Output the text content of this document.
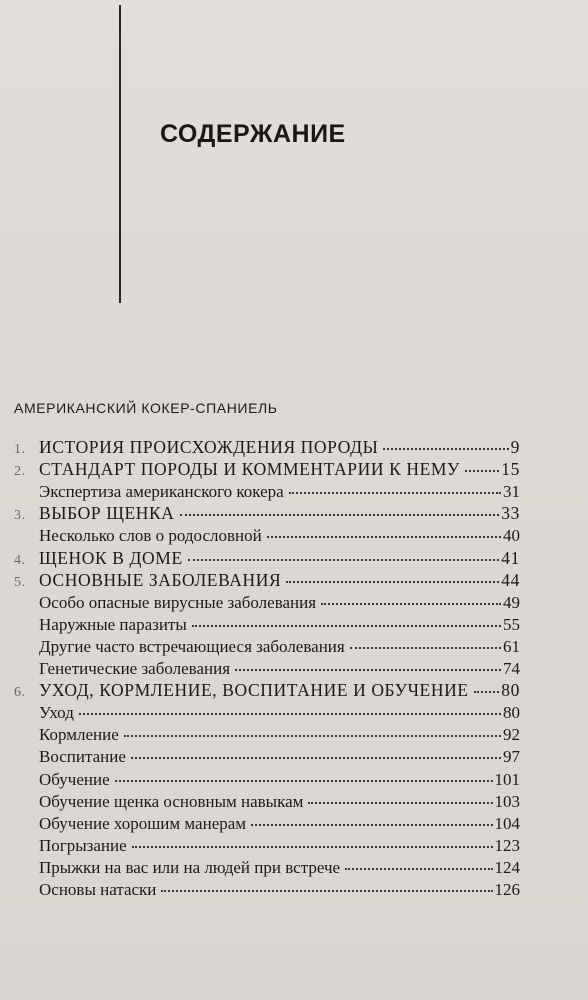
СОДЕРЖАНИЕ
АМЕРИКАНСКИЙ КОКЕР-СПАНИЕЛЬ
1. ИСТОРИЯ ПРОИСХОЖДЕНИЯ ПОРОДЫ	9
2. СТАНДАРТ ПОРОДЫ И КОММЕНТАРИИ К НЕМУ 15
Экспертиза американского кокера	31
3. ВЫБОР ЩЕНКА	33
Несколько слов о родословной	40
4. ЩЕНОК В ДОМЕ	41
5. ОСНОВНЫЕ ЗАБОЛЕВАНИЯ	44
Особо опасные вирусные заболевания	49
Наружные паразиты	55
Другие часто встречающиеся заболевания	61
Генетические заболевания	74
6. УХОД, КОРМЛЕНИЕ, ВОСПИТАНИЕ И ОБУЧЕНИЕ 80
Уход	80
Кормление	92
Воспитание	97
Обучение	101
Обучение щенка основным навыкам	103
Обучение хорошим манерам	104
Погрызание	123
Прыжки на вас или на людей при встрече	124
Основы натаски	126
